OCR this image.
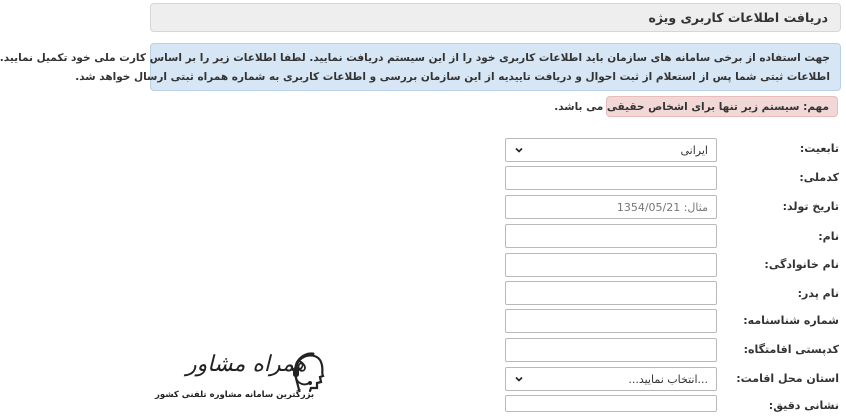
دریافت اطلاعات کاربری ویژه

جهت استفاده از برخی سامانه های سازمان باید اطلاعات کاربری خود را از این سیستم دریافت نمایید. لطفا اطلاعات زیر را بر اساس کارت ملی خود تکمیل نمایید.

اطلاعات ثبتی شما پس از استعلام از ثبت احوال و دریافت تاییدیه از این سازمان بررسی و اطلاعات کاربری به شماره همراه ثبتی ارسال خواهد شد.

مهم: سیستم زیر تنها برای اشخاص حقیقی می باشد.
تابعیت:
ایرانی
کدملی:
تاریخ تولد:
مثال: 1354/05/21
نام:
نام خانوادگی:
نام پدر:
شماره شناسنامه:
کدپستی اقامتگاه:
استان محل اقامت:
...انتخاب نمایید...
نشانی دقیق:
همراه مشاور
بزرگترین سامانه مشاوره تلفنی کشور
